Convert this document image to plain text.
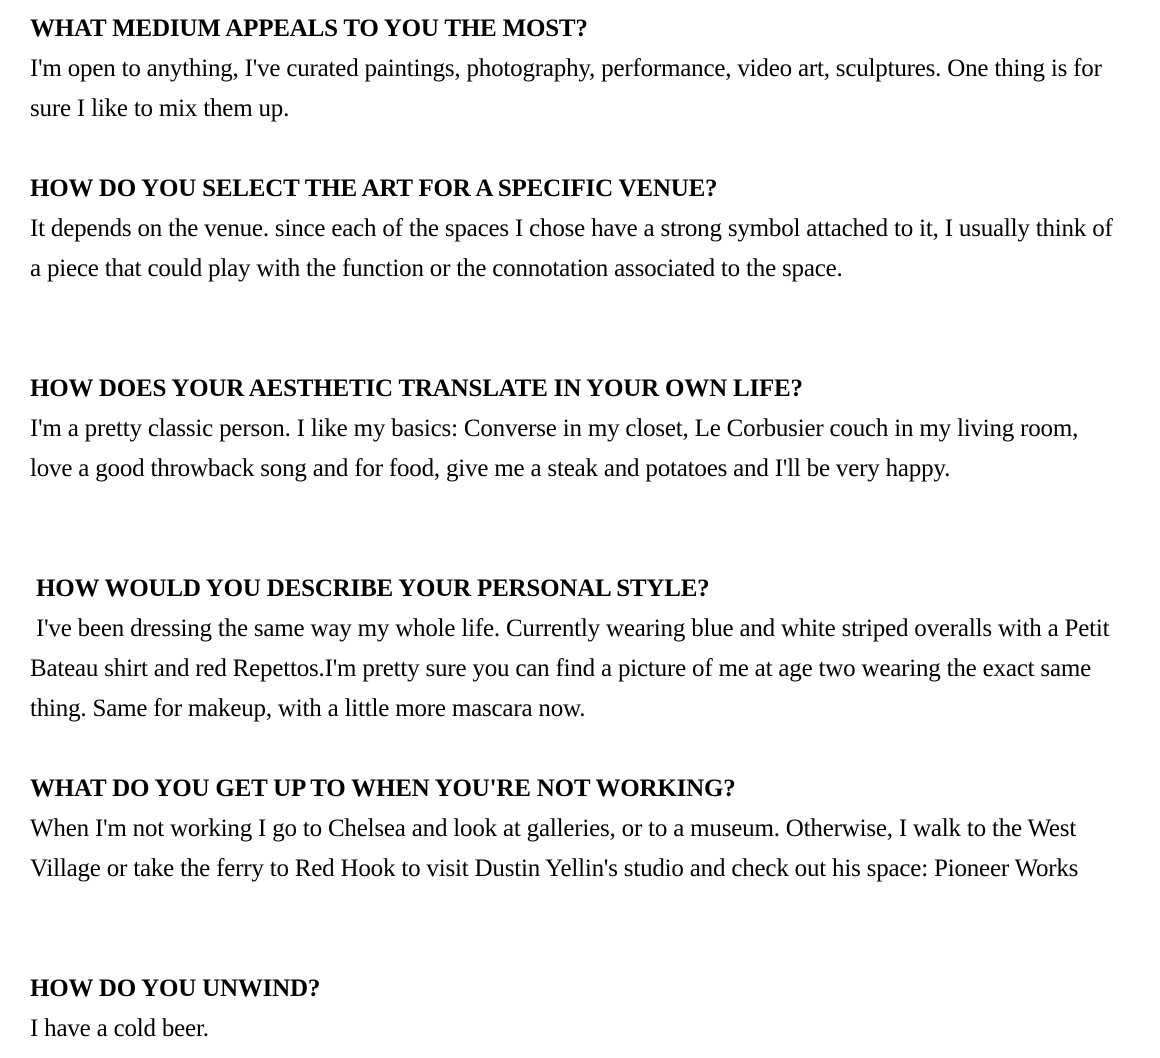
WHAT MEDIUM APPEALS TO YOU THE MOST?

I'm open to anything, I've curated paintings, photography, performance, video art, sculptures. One thing is for sure I like to mix them up.

HOW DO YOU SELECT THE ART FOR A SPECIFIC VENUE?

It depends on the venue. since each of the spaces I chose have a strong symbol attached to it, I usually think of a piece that could play with the function or the connotation associated to the space.

HOW DOES YOUR AESTHETIC TRANSLATE IN YOUR OWN LIFE?

I'm a pretty classic person. I like my basics: Converse in my closet, Le Corbusier couch in my living room, love a good throwback song and for food, give me a steak and potatoes and I'll be very happy.

HOW WOULD YOU DESCRIBE YOUR PERSONAL STYLE?

I've been dressing the same way my whole life. Currently wearing blue and white striped overalls with a Petit Bateau shirt and red Repettos.I'm pretty sure you can find a picture of me at age two wearing the exact same thing. Same for makeup, with a little more mascara now.

WHAT DO YOU GET UP TO WHEN YOU'RE NOT WORKING?

When I'm not working I go to Chelsea and look at galleries, or to a museum. Otherwise, I walk to the West Village or take the ferry to Red Hook to visit Dustin Yellin's studio and check out his space: Pioneer Works

HOW DO YOU UNWIND?

I have a cold beer.
